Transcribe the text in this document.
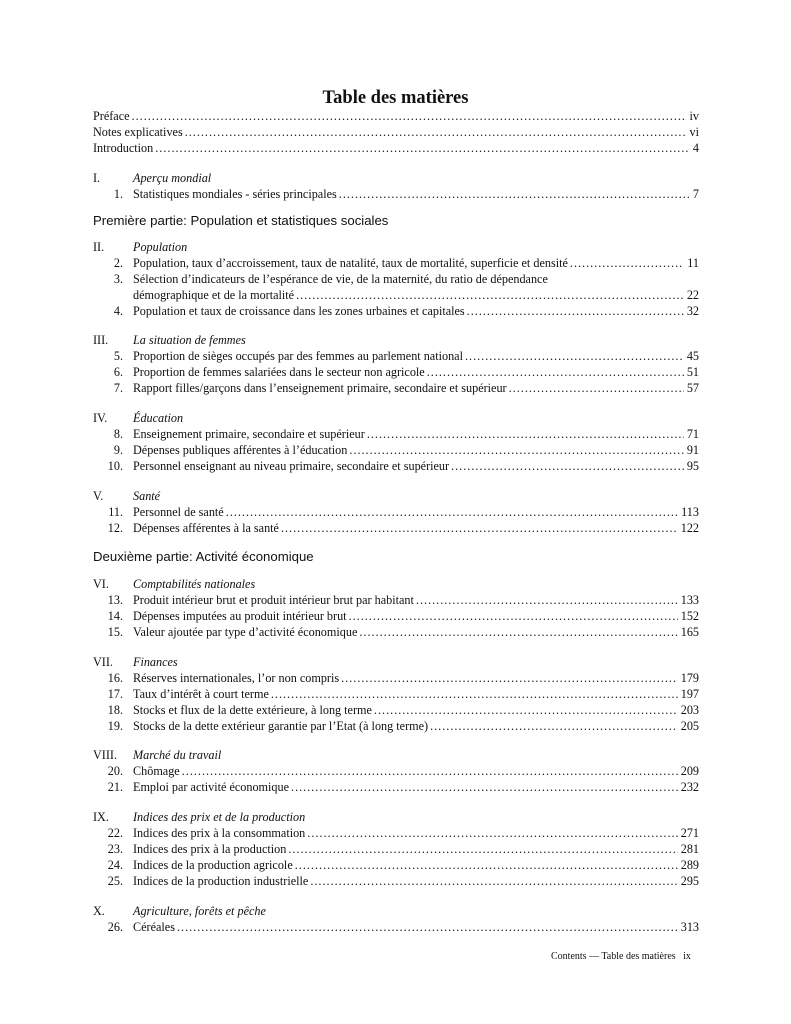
Table des matières
Préface .....	iv
Notes explicatives .....	vi
Introduction .....	4
I.	Aperçu mondial
1. Statistiques mondiales - séries principales .....	7
Première partie: Population et statistiques sociales
II. Population
2. Population, taux d’accroissement, taux de natalité, taux de mortalité, superficie et densité .....	11
3. Sélection d’indicateurs de l’espérance de vie, de la maternité, du ratio de dépendance
démographique et de la mortalité .....	22
4. Population et taux de croissance dans les zones urbaines et capitales .....	32
III. La situation de femmes
5. Proportion de sièges occupés par des femmes au parlement national .....	45
6. Proportion de femmes salariées dans le secteur non agricole .....	51
7. Rapport filles/garçons dans l’enseignement primaire, secondaire et supérieur .....	57
IV. Éducation
8. Enseignement primaire, secondaire et supérieur .....	71
9. Dépenses publiques afférentes à l’éducation .....	91
10. Personnel enseignant au niveau primaire, secondaire et supérieur .....	95
V. Santé
11. Personnel de santé .....	113
12. Dépenses afférentes à la santé .....	122
Deuxième partie: Activité économique
VI. Comptabilités nationales
13. Produit intérieur brut et produit intérieur brut par habitant .....	133
14. Dépenses imputées au produit intérieur brut .....	152
15. Valeur ajoutée par type d’activité économique .....	165
VII. Finances
16. Réserves internationales, l’or non compris .....	179
17. Taux d’intérêt à court terme .....	197
18. Stocks et flux de la dette extérieure, à long terme .....	203
19. Stocks de la dette extérieur garantie par l’Etat (à long terme) .....	205
VIII. Marché du travail
20. Chômage .....	209
21. Emploi par activité économique .....	232
IX. Indices des prix et de la production
22. Indices des prix à la consommation .....	271
23. Indices des prix à la production .....	281
24. Indices de la production agricole .....	289
25. Indices de la production industrielle .....	295
X. Agriculture, forêts et pêche
26. Céréales .....	313
Contents — Table des matières   ix
